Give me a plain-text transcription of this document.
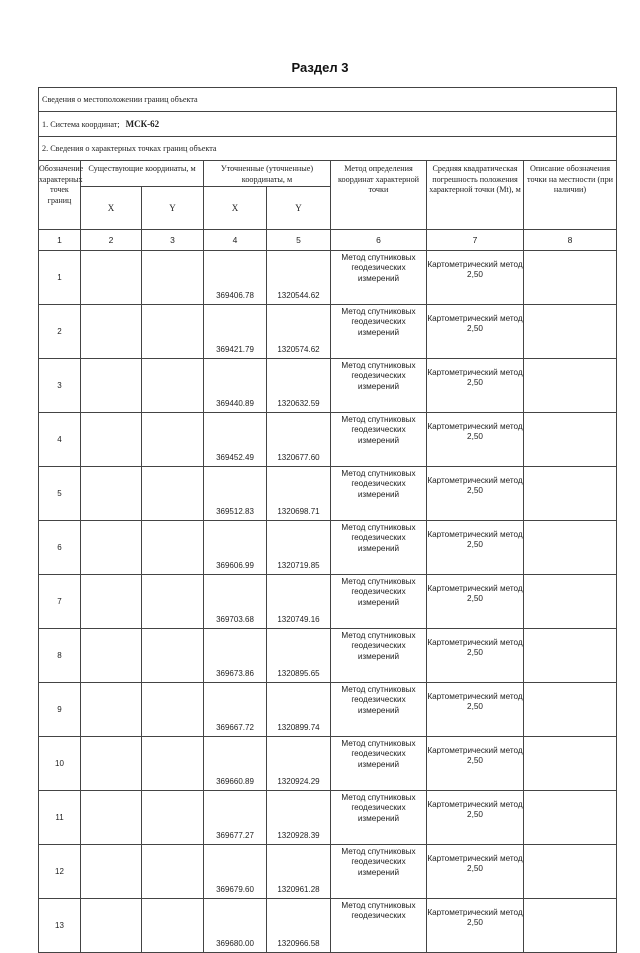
Раздел 3
Сведения о местоположении границ объекта							
1. Система координат; МСК-62							
2. Сведения о характерных точках границ объекта							
Обозначение характерных точек границ	Существующие координаты, м		Уточненные (уточненные) координаты, м		Метод определения координат характерной точки	Средняя квадратическая погрешность положения характерной точки (Mt), м	Описание обозначения точки на местности (при наличии)
	X	Y	X	Y			
1	2	3	4	5	6	7	8
1			369406.78	1320544.62	Метод спутниковых геодезических измерений	Картометрический метод 2,50	
2			369421.79	1320574.62	Метод спутниковых геодезических измерений	Картометрический метод 2,50	
3			369440.89	1320632.59	Метод спутниковых геодезических измерений	Картометрический метод 2,50	
4			369452.49	1320677.60	Метод спутниковых геодезических измерений	Картометрический метод 2,50	
5			369512.83	1320698.71	Метод спутниковых геодезических измерений	Картометрический метод 2,50	
6			369606.99	1320719.85	Метод спутниковых геодезических измерений	Картометрический метод 2,50	
7			369703.68	1320749.16	Метод спутниковых геодезических измерений	Картометрический метод 2,50	
8			369673.86	1320895.65	Метод спутниковых геодезических измерений	Картометрический метод 2,50	
9			369667.72	1320899.74	Метод спутниковых геодезических измерений	Картометрический метод 2,50	
10			369660.89	1320924.29	Метод спутниковых геодезических измерений	Картометрический метод 2,50	
11			369677.27	1320928.39	Метод спутниковых геодезических измерений	Картометрический метод 2,50	
12			369679.60	1320961.28	Метод спутниковых геодезических измерений	Картометрический метод 2,50	
13			369680.00	1320966.58	Метод спутниковых геодезических	Картометрический метод 2,50	
